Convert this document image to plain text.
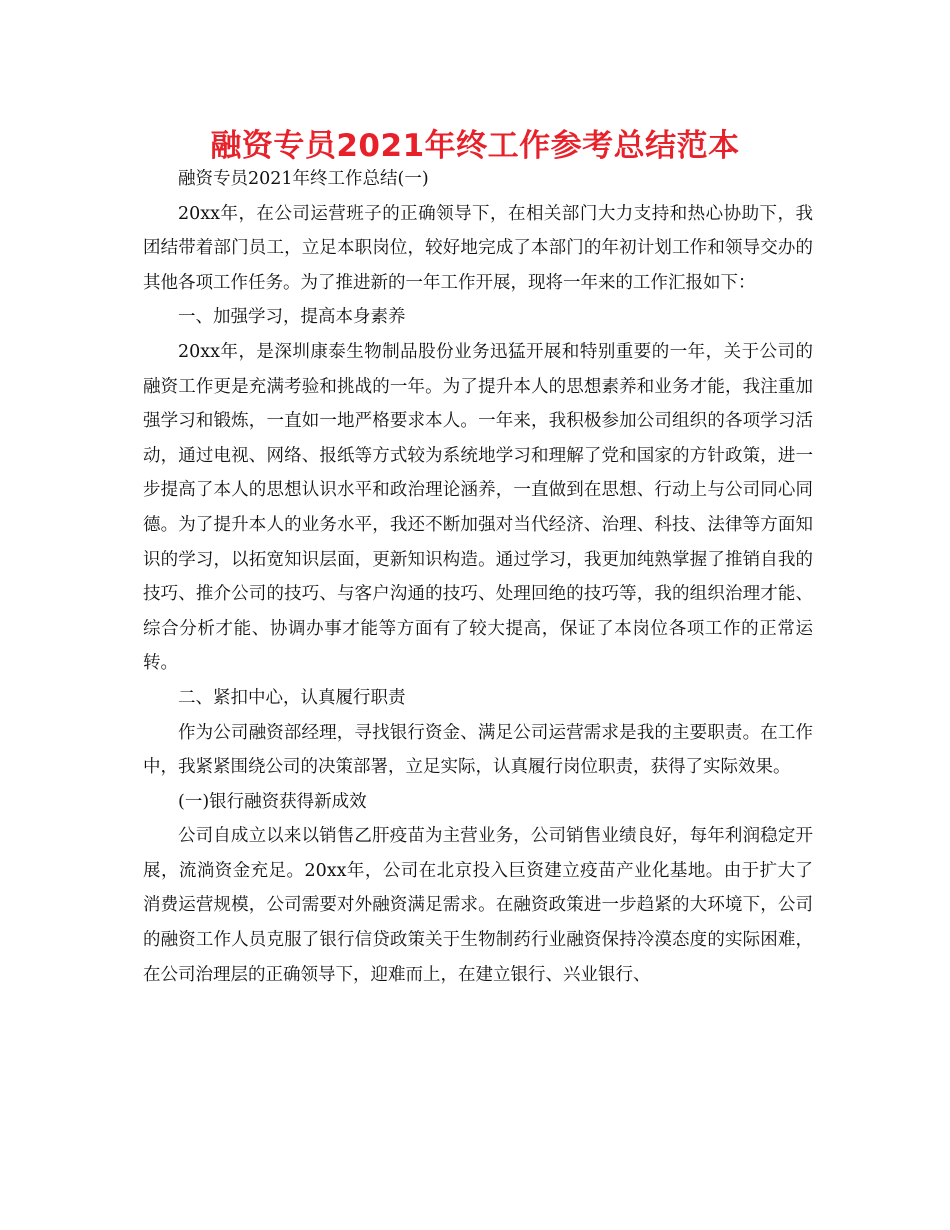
融资专员2021年终工作参考总结范本

融资专员2021年终工作总结(一)

20xx年，在公司运营班子的正确领导下，在相关部门大力支持和热心协助下，我团结带着部门员工，立足本职岗位，较好地完成了本部门的年初计划工作和领导交办的其他各项工作任务。为了推进新的一年工作开展，现将一年来的工作汇报如下：

一、加强学习，提高本身素养

20xx年，是深圳康泰生物制品股份业务迅猛开展和特别重要的一年，关于公司的融资工作更是充满考验和挑战的一年。为了提升本人的思想素养和业务才能，我注重加强学习和锻炼，一直如一地严格要求本人。一年来，我积极参加公司组织的各项学习活动，通过电视、网络、报纸等方式较为系统地学习和理解了党和国家的方针政策，进一步提高了本人的思想认识水平和政治理论涵养，一直做到在思想、行动上与公司同心同德。为了提升本人的业务水平，我还不断加强对当代经济、治理、科技、法律等方面知识的学习，以拓宽知识层面，更新知识构造。通过学习，我更加纯熟掌握了推销自我的技巧、推介公司的技巧、与客户沟通的技巧、处理回绝的技巧等，我的组织治理才能、综合分析才能、协调办事才能等方面有了较大提高，保证了本岗位各项工作的正常运转。

二、紧扣中心，认真履行职责

作为公司融资部经理，寻找银行资金、满足公司运营需求是我的主要职责。在工作中，我紧紧围绕公司的决策部署，立足实际，认真履行岗位职责，获得了实际效果。

(一)银行融资获得新成效

公司自成立以来以销售乙肝疫苗为主营业务，公司销售业绩良好，每年利润稳定开展，流淌资金充足。20xx年，公司在北京投入巨资建立疫苗产业化基地。由于扩大了消费运营规模，公司需要对外融资满足需求。在融资政策进一步趋紧的大环境下，公司的融资工作人员克服了银行信贷政策关于生物制药行业融资保持冷漠态度的实际困难，在公司治理层的正确领导下，迎难而上，在建立银行、兴业银行、
